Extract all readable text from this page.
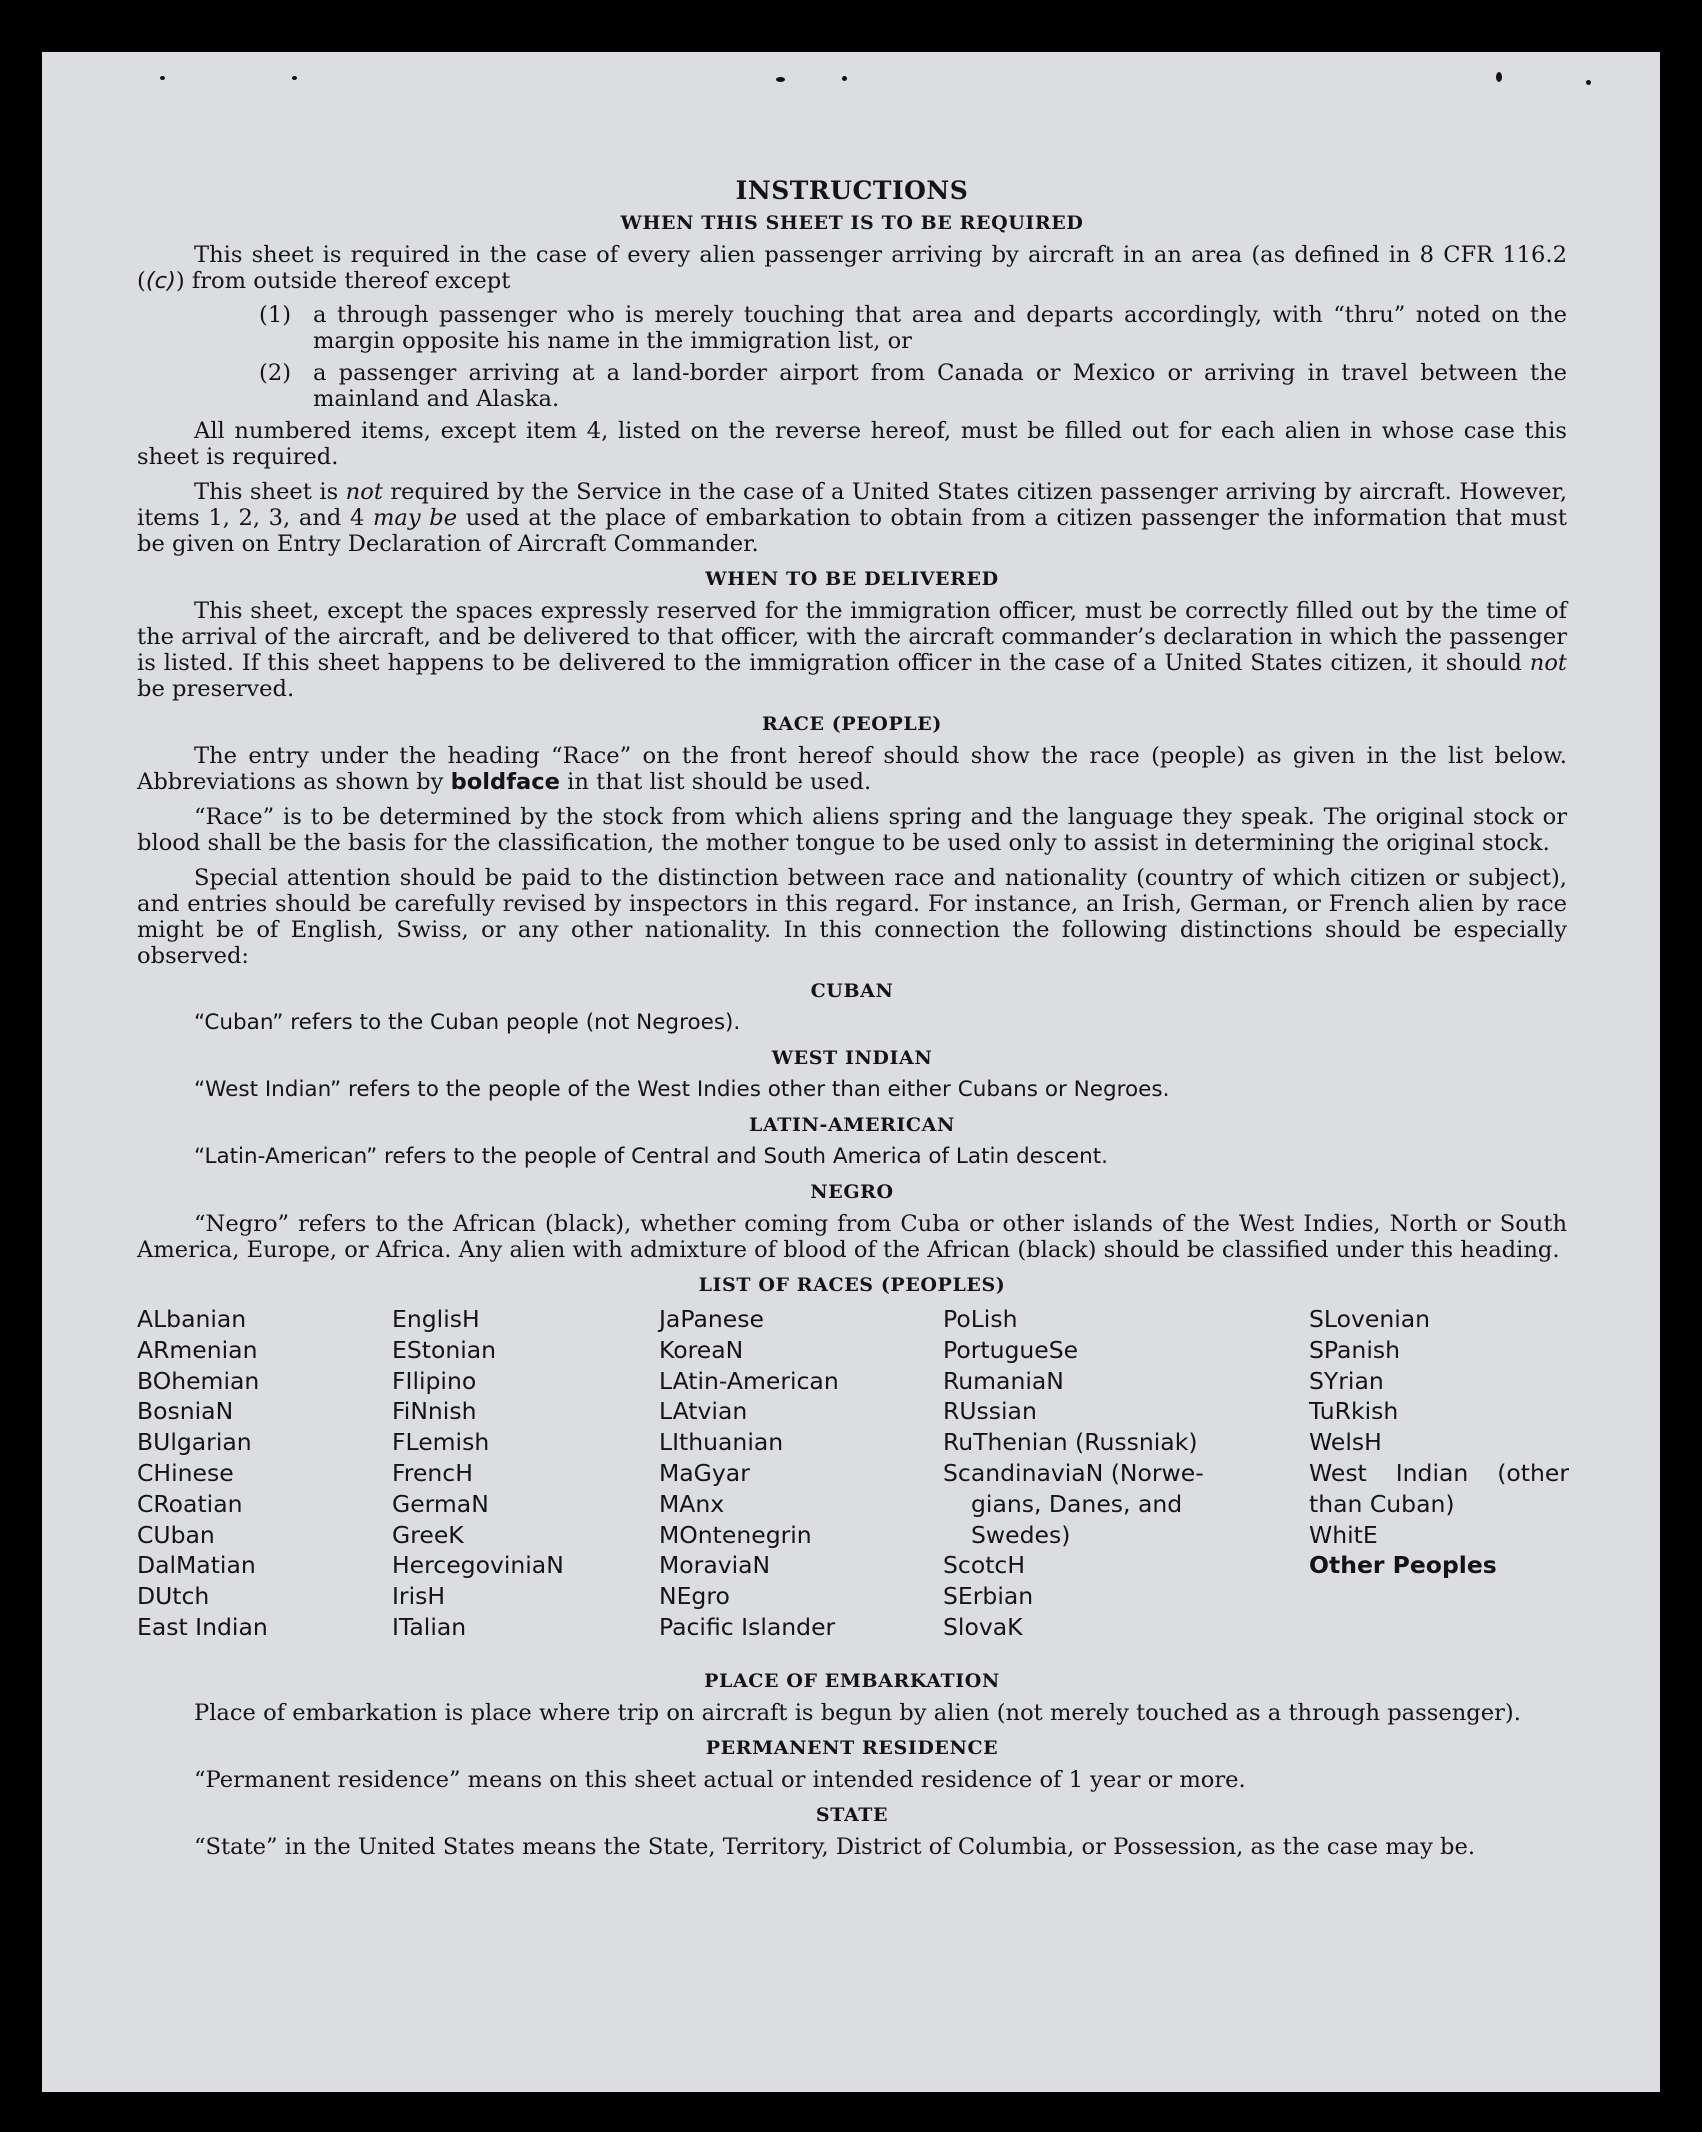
INSTRUCTIONS
WHEN THIS SHEET IS TO BE REQUIRED

This sheet is required in the case of every alien passenger arriving by aircraft in an area (as defined in 8 CFR 116.2 ((c)) from outside thereof except

(1) a through passenger who is merely touching that area and departs accordingly, with “thru” noted on the margin opposite his name in the immigration list, or
(2) a passenger arriving at a land-border airport from Canada or Mexico or arriving in travel between the mainland and Alaska.

All numbered items, except item 4, listed on the reverse hereof, must be filled out for each alien in whose case this sheet is required.

This sheet is not required by the Service in the case of a United States citizen passenger arriving by aircraft. However, items 1, 2, 3, and 4 may be used at the place of embarkation to obtain from a citizen passenger the information that must be given on Entry Declaration of Aircraft Commander.

WHEN TO BE DELIVERED

This sheet, except the spaces expressly reserved for the immigration officer, must be correctly filled out by the time of the arrival of the aircraft, and be delivered to that officer, with the aircraft commander’s declaration in which the passenger is listed. If this sheet happens to be delivered to the immigration officer in the case of a United States citizen, it should not be preserved.

RACE (PEOPLE)

The entry under the heading “Race” on the front hereof should show the race (people) as given in the list below. Abbreviations as shown by boldface in that list should be used.

“Race” is to be determined by the stock from which aliens spring and the language they speak. The original stock or blood shall be the basis for the classification, the mother tongue to be used only to assist in determining the original stock.

Special attention should be paid to the distinction between race and nationality (country of which citizen or subject), and entries should be carefully revised by inspectors in this regard. For instance, an Irish, German, or French alien by race might be of English, Swiss, or any other nationality. In this connection the following distinctions should be especially observed:

CUBAN

“Cuban” refers to the Cuban people (not Negroes).

WEST INDIAN

“West Indian” refers to the people of the West Indies other than either Cubans or Negroes.

LATIN-AMERICAN

“Latin-American” refers to the people of Central and South America of Latin descent.

NEGRO

“Negro” refers to the African (black), whether coming from Cuba or other islands of the West Indies, North or South America, Europe, or Africa. Any alien with admixture of blood of the African (black) should be classified under this heading.

LIST OF RACES (PEOPLES)
ALbanian
ARmenian
BOhemian
BosniaN
BUlgarian
CHinese
CRoatian
CUban
DalMatian
DUtch
East Indian
EnglisH
EStonian
FIlipino
FiNnish
FLemish
FrencH
GermaN
GreeK
HercegoviniaN
IrisH
ITalian
JaPanese
KoreaN
LAtin-American
LAtvian
LIthuanian
MaGyar
MAnx
MOntenegrin
MoraviaN
NEgro
Pacific Islander
PoLish
PortugueSe
RumaniaN
RUssian
RuThenian (Russniak)
ScandinaviaN (Norwe-
gians, Danes, and
Swedes)
ScotcH
SErbian
SlovaK
SLovenian
SPanish
SYrian
TuRkish
WelsH
West Indian (other than Cuban)
WhitE
Other Peoples
PLACE OF EMBARKATION

Place of embarkation is place where trip on aircraft is begun by alien (not merely touched as a through passenger).

PERMANENT RESIDENCE

“Permanent residence” means on this sheet actual or intended residence of 1 year or more.

STATE

“State” in the United States means the State, Territory, District of Columbia, or Possession, as the case may be.
